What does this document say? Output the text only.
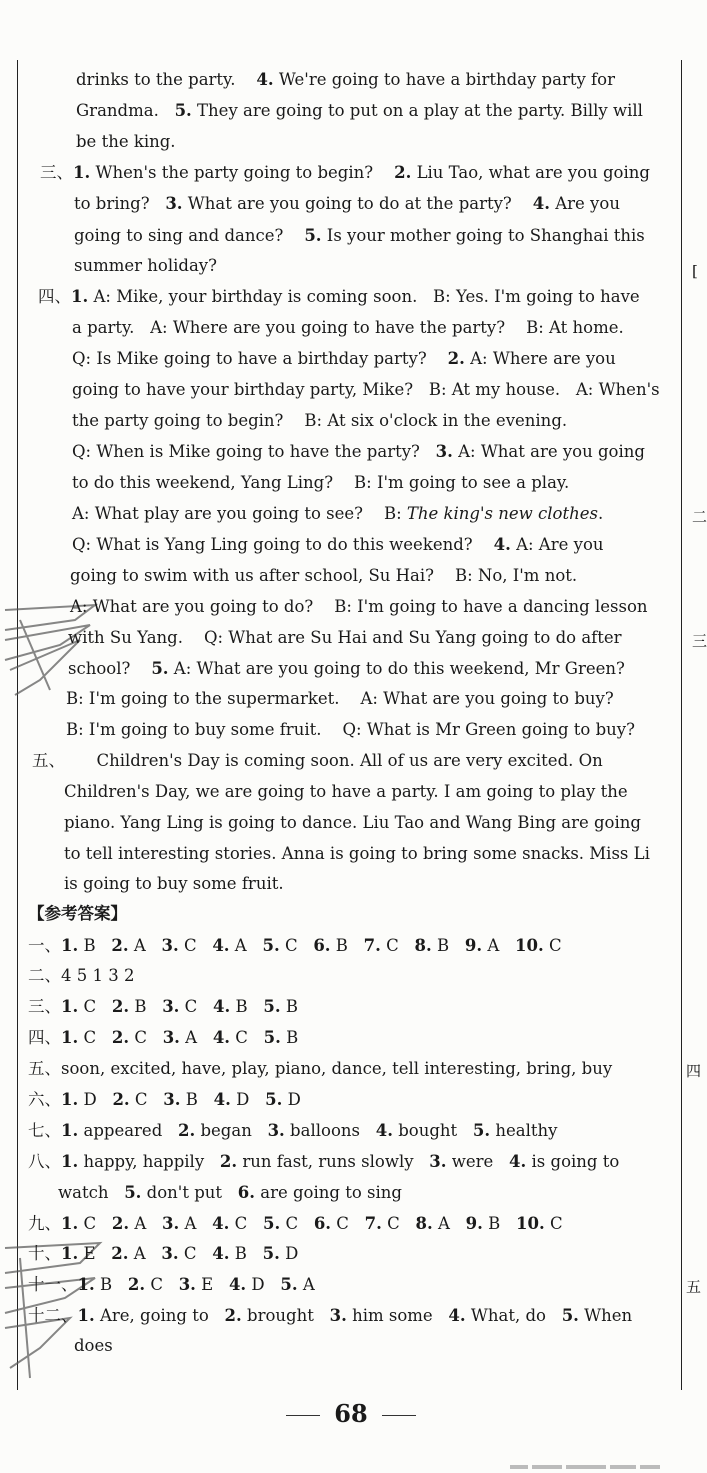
drinks to the party.    4. We're going to have a birthday party for
Grandma.   5. They are going to put on a play at the party. Billy will
be the king.
三、1. When's the party going to begin?    2. Liu Tao, what are you going
to bring?   3. What are you going to do at the party?    4. Are you
going to sing and dance?    5. Is your mother going to Shanghai this
summer holiday?
四、1. A: Mike, your birthday is coming soon.   B: Yes. I'm going to have
a party.   A: Where are you going to have the party?    B: At home.
Q: Is Mike going to have a birthday party?    2. A: Where are you
going to have your birthday party, Mike?   B: At my house.   A: When's
the party going to begin?    B: At six o'clock in the evening.
Q: When is Mike going to have the party?   3. A: What are you going
to do this weekend, Yang Ling?    B: I'm going to see a play.
A: What play are you going to see?    B: The king's new clothes.
Q: What is Yang Ling going to do this weekend?    4. A: Are you
going to swim with us after school, Su Hai?    B: No, I'm not.
A: What are you going to do?    B: I'm going to have a dancing lesson
with Su Yang.    Q: What are Su Hai and Su Yang going to do after
school?    5. A: What are you going to do this weekend, Mr Green?
B: I'm going to the supermarket.    A: What are you going to buy?
B: I'm going to buy some fruit.    Q: What is Mr Green going to buy?
五、      Children's Day is coming soon. All of us are very excited. On
Children's Day, we are going to have a party. I am going to play the
piano. Yang Ling is going to dance. Liu Tao and Wang Bing are going
to tell interesting stories. Anna is going to bring some snacks. Miss Li
is going to buy some fruit.
【参考答案】
一、1. B   2. A   3. C   4. A   5. C   6. B   7. C   8. B   9. A   10. C
二、4 5 1 3 2
三、1. C   2. B   3. C   4. B   5. B
四、1. C   2. C   3. A   4. C   5. B
五、soon, excited, have, play, piano, dance, tell interesting, bring, buy
六、1. D   2. C   3. B   4. D   5. D
七、1. appeared   2. began   3. balloons   4. bought   5. healthy
八、1. happy, happily   2. run fast, runs slowly   3. were   4. is going to
watch   5. don't put   6. are going to sing
九、1. C   2. A   3. A   4. C   5. C   6. C   7. C   8. A   9. B   10. C
十、1. E   2. A   3. C   4. B   5. D
十一、1. B   2. C   3. E   4. D   5. A
十二、1. Are, going to   2. brought   3. him some   4. What, do   5. When
does
[
二
三
四
五
68
